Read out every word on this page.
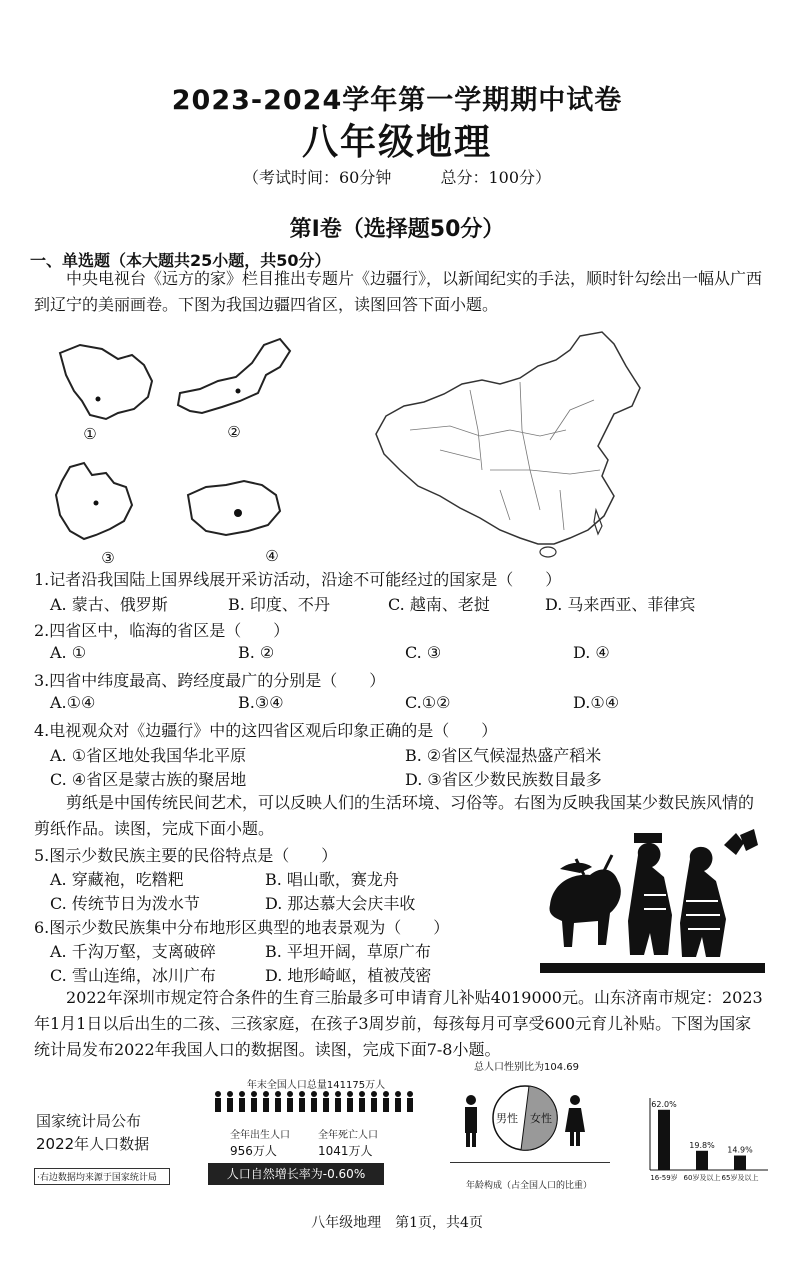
2023-2024学年第一学期期中试卷
八年级地理
（考试时间：60分钟	总分：100分）
第Ⅰ卷（选择题50分）
一、单选题（本大题共25小题，共50分）
中央电视台《远方的家》栏目推出专题片《边疆行》，以新闻纪实的手法，顺时针勾绘出一幅从广西到辽宁的美丽画卷。下图为我国边疆四省区，读图回答下面小题。
①	②
③	④
1.记者沿我国陆上国界线展开采访活动，沿途不可能经过的国家是（　　）
A. 蒙古、俄罗斯	B. 印度、不丹	C. 越南、老挝	D. 马来西亚、菲律宾
2.四省区中，临海的省区是（　　）
A. ①	B. ②	C. ③	D. ④
3.四省中纬度最高、跨经度最广的分别是（　　）
A.①④	B.③④	C.①②	D.①④
4.电视观众对《边疆行》中的这四省区观后印象正确的是（　　）
A. ①省区地处我国华北平原	B. ②省区气候湿热盛产稻米
C. ④省区是蒙古族的聚居地	D. ③省区少数民族数目最多
剪纸是中国传统民间艺术，可以反映人们的生活环境、习俗等。右图为反映我国某少数民族风情的剪纸作品。读图，完成下面小题。
5.图示少数民族主要的民俗特点是（　　）
A. 穿藏袍，吃糌粑	B. 唱山歌，赛龙舟
C. 传统节日为泼水节	D. 那达慕大会庆丰收
6.图示少数民族集中分布地形区典型的地表景观为（　　）
A. 千沟万壑，支离破碎	B. 平坦开阔，草原广布
C. 雪山连绵，冰川广布	D. 地形崎岖，植被茂密
2022年深圳市规定符合条件的生育三胎最多可申请育儿补贴4019000元。山东济南市规定：2023年1月1日以后出生的二孩、三孩家庭，在孩子3周岁前，每孩每月可享受600元育儿补贴。下图为国家统计局发布2022年我国人口的数据图。读图，完成下面7-8小题。
国家统计局公布
2022年人口数据
·右边数据均来源于国家统计局
年末全国人口总量141175万人
全年出生人口
956万人
全年死亡人口
1041万人
人口自然增长率为-0.60%
总人口性别比为104.69
男性 女性
年龄构成（占全国人口的比重）
62.0%
16-59岁
19.8%
60岁及以上
14.9%
65岁及以上
八年级地理　第1页，共4页
